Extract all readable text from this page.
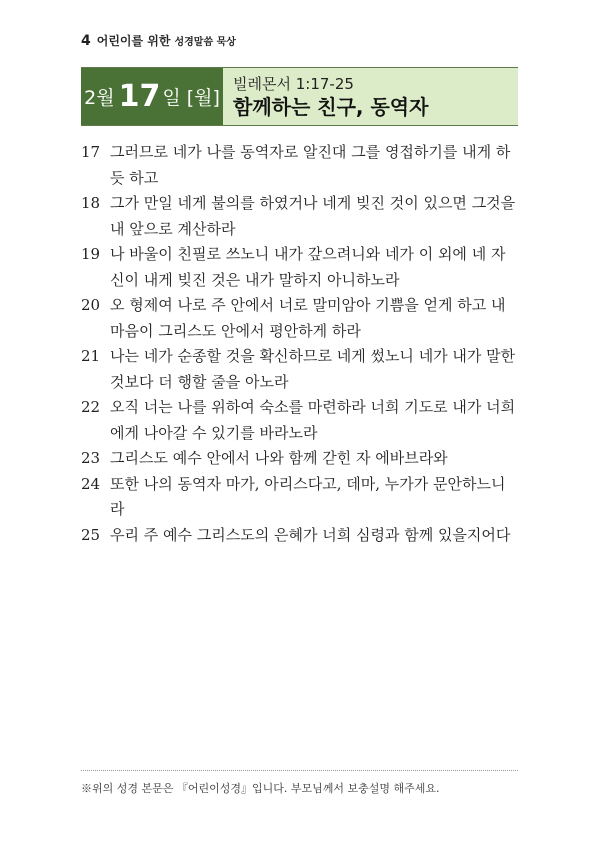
4 어린이를 위한 성경말씀 묵상
2월 17 일 [월]
빌레몬서 1:17-25
함께하는 친구, 동역자
17 그러므로 네가 나를 동역자로 알진대 그를 영접하기를 내게 하듯 하고
18 그가 만일 네게 불의를 하였거나 네게 빚진 것이 있으면 그것을 내 앞으로 계산하라
19 나 바울이 친필로 쓰노니 내가 갚으려니와 네가 이 외에 네 자신이 내게 빚진 것은 내가 말하지 아니하노라
20 오 형제여 나로 주 안에서 너로 말미암아 기쁨을 얻게 하고 내 마음이 그리스도 안에서 평안하게 하라
21 나는 네가 순종할 것을 확신하므로 네게 썼노니 네가 내가 말한 것보다 더 행할 줄을 아노라
22 오직 너는 나를 위하여 숙소를 마련하라 너희 기도로 내가 너희에게 나아갈 수 있기를 바라노라
23 그리스도 예수 안에서 나와 함께 갇힌 자 에바브라와
24 또한 나의 동역자 마가, 아리스다고, 데마, 누가가 문안하느니라
25 우리 주 예수 그리스도의 은혜가 너희 심령과 함께 있을지어다
※위의 성경 본문은 『어린이성경』입니다. 부모님께서 보충설명 해주세요.
